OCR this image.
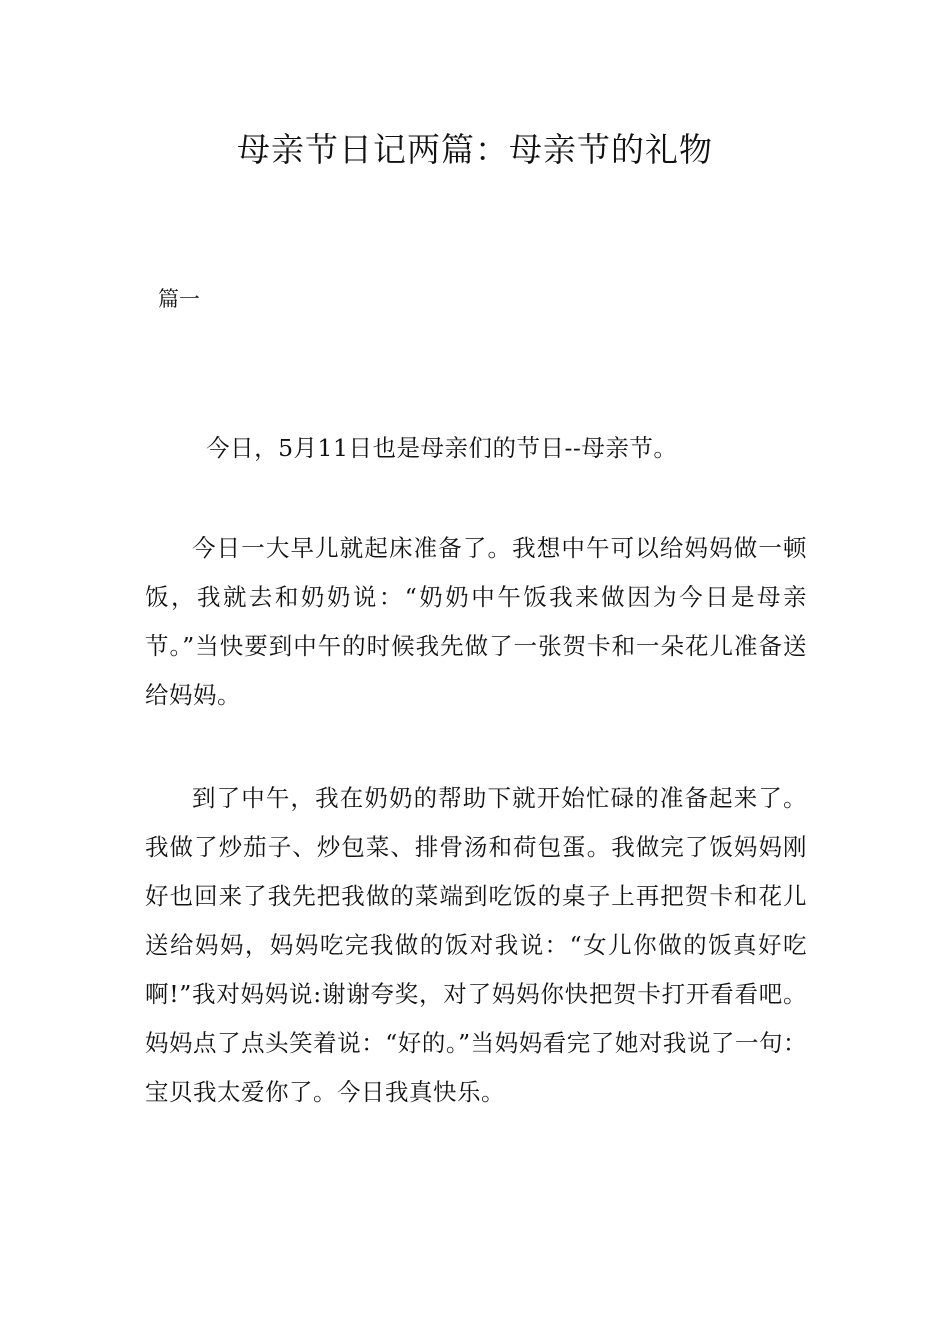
母亲节日记两篇：母亲节的礼物
篇一

今日，5月11日也是母亲们的节日--母亲节。

今日一大早儿就起床准备了。我想中午可以给妈妈做一顿饭，我就去和奶奶说：“奶奶中午饭我来做因为今日是母亲节。”当快要到中午的时候我先做了一张贺卡和一朵花儿准备送给妈妈。

到了中午，我在奶奶的帮助下就开始忙碌的准备起来了。我做了炒茄子、炒包菜、排骨汤和荷包蛋。我做完了饭妈妈刚好也回来了我先把我做的菜端到吃饭的桌子上再把贺卡和花儿送给妈妈，妈妈吃完我做的饭对我说：“女儿你做的饭真好吃啊!”我对妈妈说:谢谢夸奖，对了妈妈你快把贺卡打开看看吧。妈妈点了点头笑着说：“好的。”当妈妈看完了她对我说了一句：宝贝我太爱你了。今日我真快乐。
